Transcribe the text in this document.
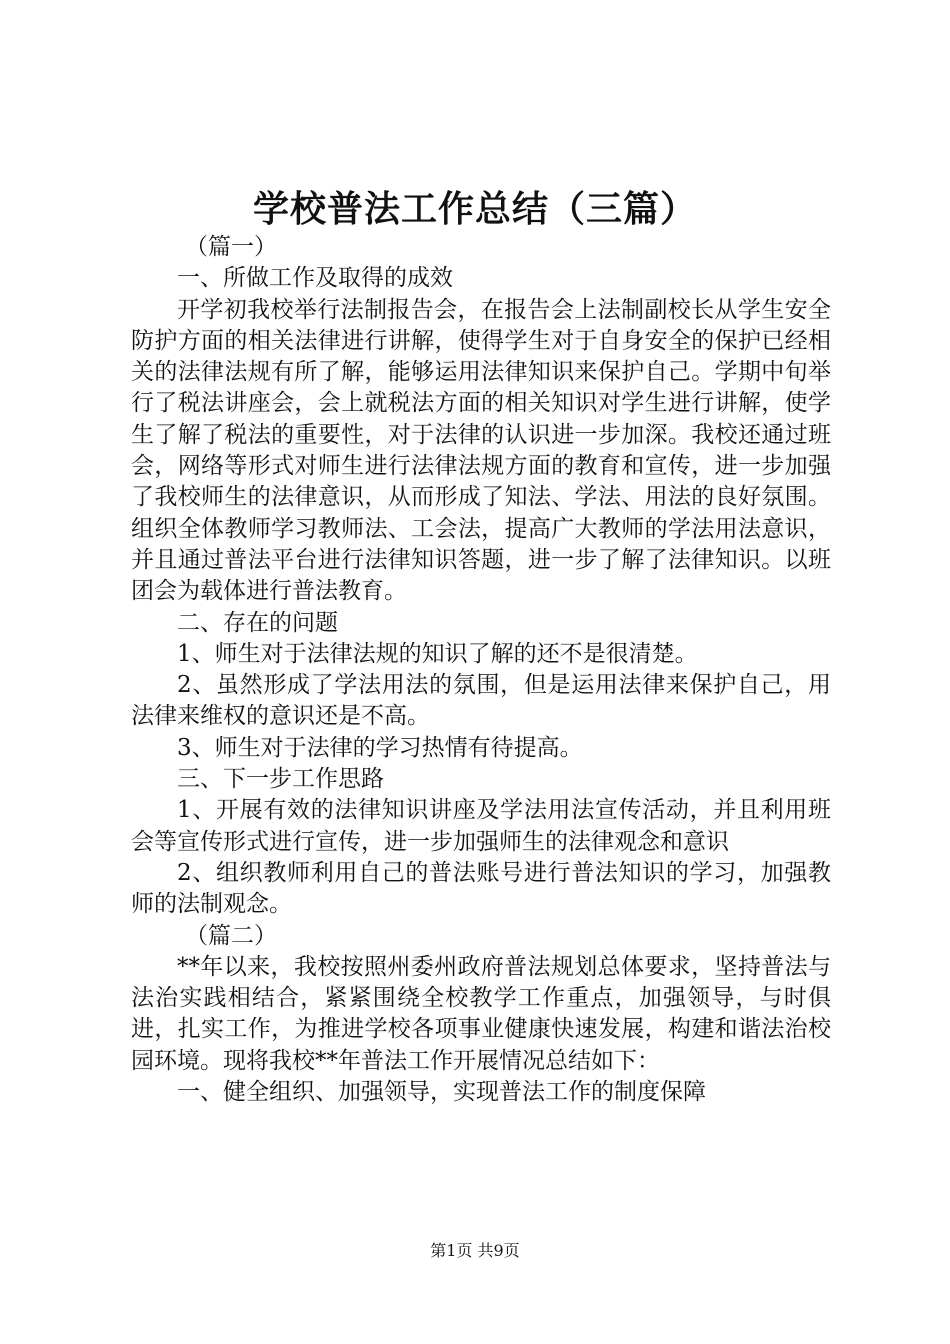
学校普法工作总结（三篇）

（篇一）

一、所做工作及取得的成效

开学初我校举行法制报告会，在报告会上法制副校长从学生安全防护方面的相关法律进行讲解，使得学生对于自身安全的保护已经相关的法律法规有所了解，能够运用法律知识来保护自己。学期中旬举行了税法讲座会，会上就税法方面的相关知识对学生进行讲解，使学生了解了税法的重要性，对于法律的认识进一步加深。我校还通过班会，网络等形式对师生进行法律法规方面的教育和宣传，进一步加强了我校师生的法律意识，从而形成了知法、学法、用法的良好氛围。组织全体教师学习教师法、工会法，提高广大教师的学法用法意识，并且通过普法平台进行法律知识答题，进一步了解了法律知识。以班团会为载体进行普法教育。

二、存在的问题

1、师生对于法律法规的知识了解的还不是很清楚。

2、虽然形成了学法用法的氛围，但是运用法律来保护自己，用法律来维权的意识还是不高。

3、师生对于法律的学习热情有待提高。

三、下一步工作思路

1、开展有效的法律知识讲座及学法用法宣传活动，并且利用班会等宣传形式进行宣传，进一步加强师生的法律观念和意识

2、组织教师利用自己的普法账号进行普法知识的学习，加强教师的法制观念。

（篇二）

**年以来，我校按照州委州政府普法规划总体要求，坚持普法与法治实践相结合，紧紧围绕全校教学工作重点，加强领导，与时俱进，扎实工作，为推进学校各项事业健康快速发展，构建和谐法治校园环境。现将我校**年普法工作开展情况总结如下：

一、健全组织、加强领导，实现普法工作的制度保障

第1页 共9页
